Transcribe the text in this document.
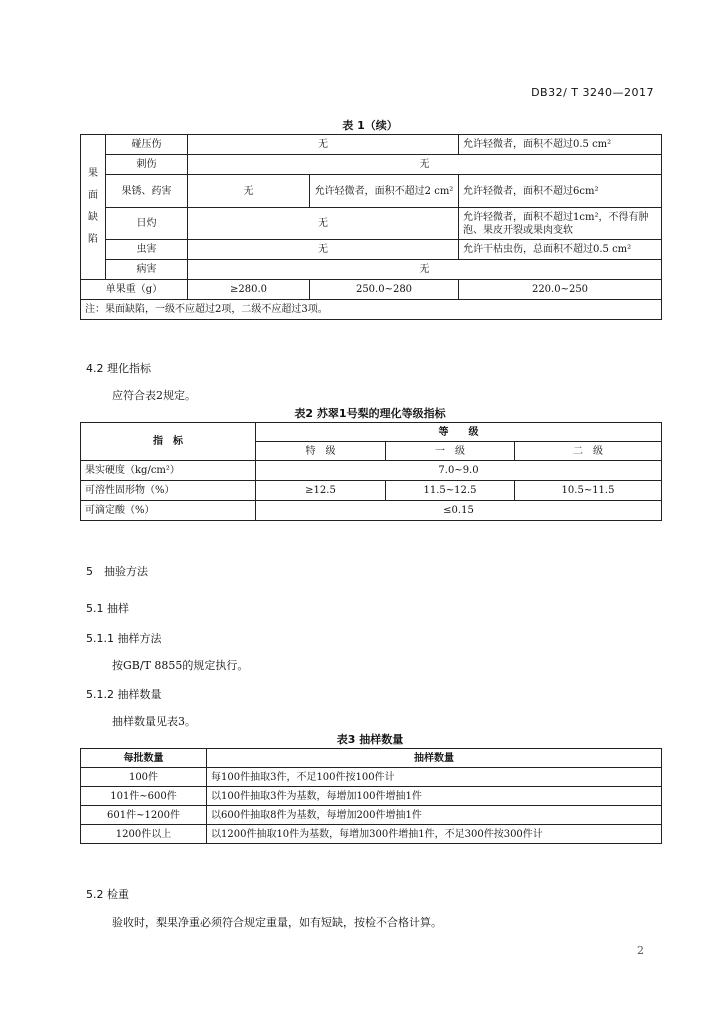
DB32/ T 3240—2017
表 1（续）
果
面
缺
陷	碰压伤	无		允许轻微者，面积不超过0.5 cm²
	刺伤	无		
	果锈、药害	无	允许轻微者，面积不超过2 cm²	允许轻微者，面积不超过6cm²
	日灼	无		允许轻微者，面积不超过1cm²，不得有肿泡、果皮开裂或果肉变软
	虫害	无		允许干枯虫伤，总面积不超过0.5 cm²
	病害	无		
单果重（g）		≥280.0	250.0~280	220.0~250
注：果面缺陷，一级不应超过2项，二级不应超过3项。				
4.2 理化指标
应符合表2规定。
表2 苏翠1号梨的理化等级指标
指　标	等　　级		
	特　级	一　级	二　级
果实硬度（kg/cm²）	7.0~9.0		
可溶性固形物（%）	≥12.5	11.5~12.5	10.5~11.5
可滴定酸（%）	≤0.15		
5　抽验方法
5.1 抽样
5.1.1 抽样方法
按GB/T 8855的规定执行。
5.1.2 抽样数量
抽样数量见表3。
表3 抽样数量
每批数量	抽样数量
100件	每100件抽取3件，不足100件按100件计
101件~600件	以100件抽取3件为基数，每增加100件增抽1件
601件~1200件	以600件抽取8件为基数，每增加200件增抽1件
1200件以上	以1200件抽取10件为基数，每增加300件增抽1件，不足300件按300件计
5.2 检重
验收时，梨果净重必须符合规定重量，如有短缺，按检不合格计算。
2
